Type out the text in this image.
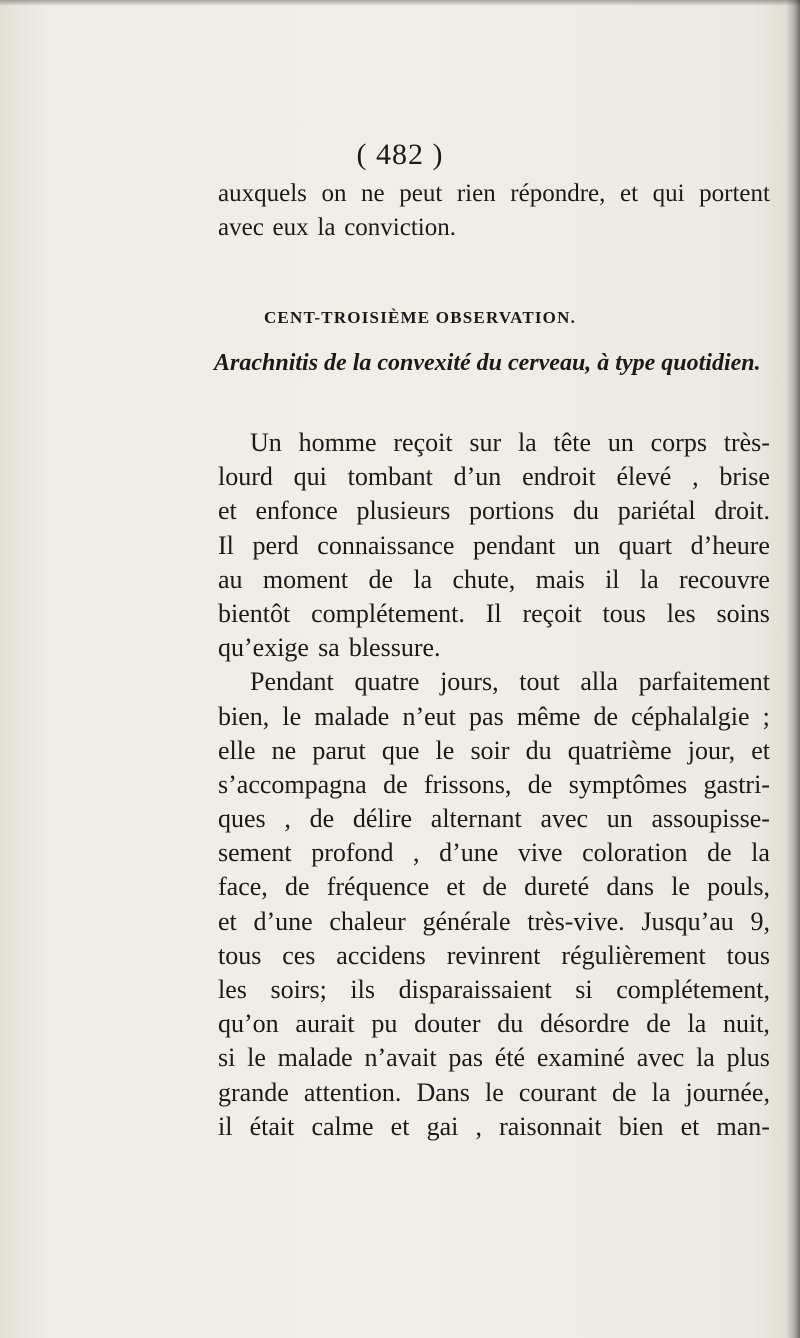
( 482 )
auxquels on ne peut rien répondre, et qui portent
avec eux la conviction.
CENT-TROISIÈME OBSERVATION.
Arachnitis de la convexité du cerveau, à type quotidien.
Un homme reçoit sur la tête un corps très-
lourd qui tombant d’un endroit élevé , brise
et enfonce plusieurs portions du pariétal droit.
Il perd connaissance pendant un quart d’heure
au moment de la chute, mais il la recouvre
bientôt complétement. Il reçoit tous les soins
qu’exige sa blessure.
Pendant quatre jours, tout alla parfaitement
bien, le malade n’eut pas même de céphalalgie ;
elle ne parut que le soir du quatrième jour, et
s’accompagna de frissons, de symptômes gastri-
ques , de délire alternant avec un assoupisse-
sement profond , d’une vive coloration de la
face, de fréquence et de dureté dans le pouls,
et d’une chaleur générale très-vive. Jusqu’au 9,
tous ces accidens revinrent régulièrement tous
les soirs; ils disparaissaient si complétement,
qu’on aurait pu douter du désordre de la nuit,
si le malade n’avait pas été examiné avec la plus
grande attention. Dans le courant de la journée,
il était calme et gai , raisonnait bien et man-
